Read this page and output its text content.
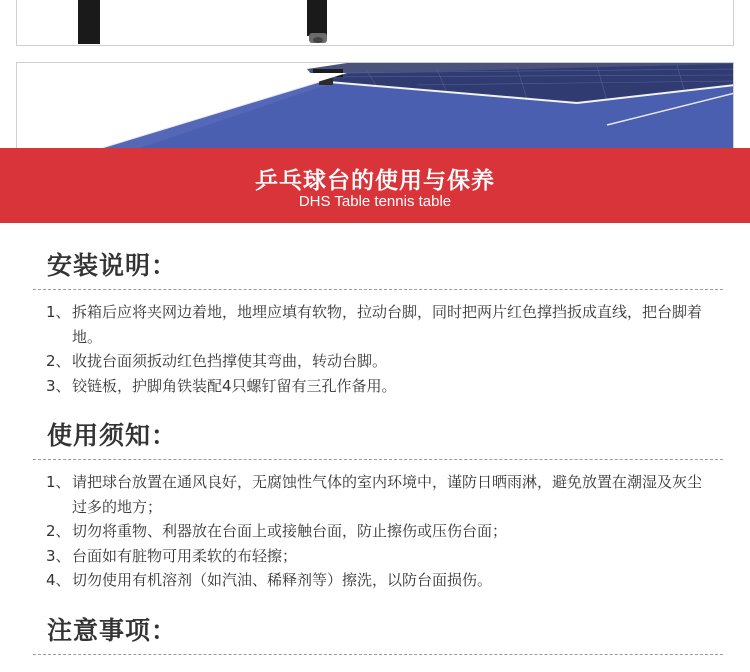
乒乓球台的使用与保养
DHS Table tennis table
安装说明：
1、 拆箱后应将夹网边着地，地埋应填有软物，拉动台脚，同时把两片红色撑挡扳成直线，把台脚着地。
2、 收拢台面须扳动红色挡撑使其弯曲，转动台脚。
3、 铰链板，护脚角铁装配4只螺钉留有三孔作备用。
使用须知：
1、 请把球台放置在通风良好，无腐蚀性气体的室内环境中，谨防日晒雨淋，避免放置在潮湿及灰尘过多的地方；
2、 切勿将重物、利器放在台面上或接触台面，防止擦伤或压伤台面；
3、 台面如有脏物可用柔软的布轻擦；
4、 切勿使用有机溶剂（如汽油、稀释剂等）擦洗，以防台面损伤。
注意事项：
